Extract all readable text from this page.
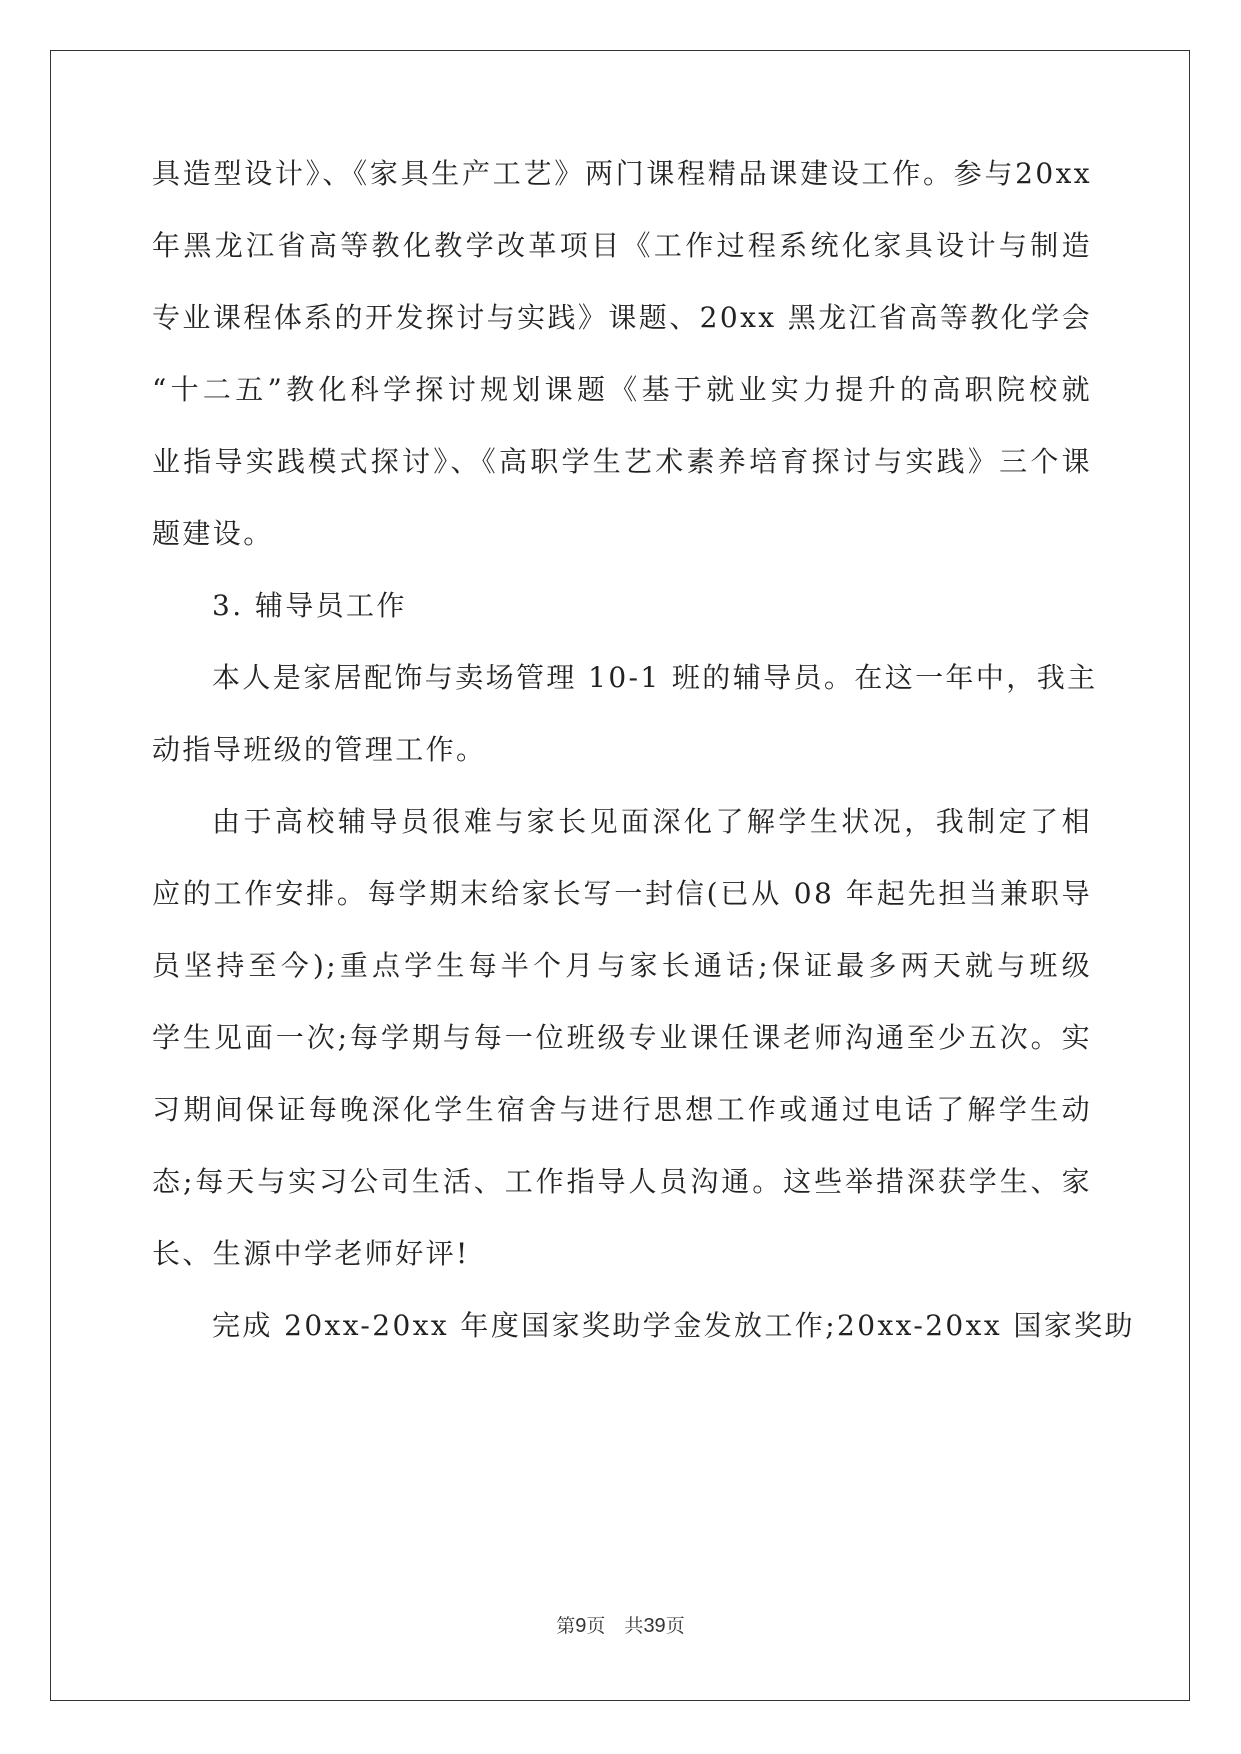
具造型设计》、《家具生产工艺》两门课程精品课建设工作。参与20xx
年黑龙江省高等教化教学改革项目《工作过程系统化家具设计与制造
专业课程体系的开发探讨与实践》课题、20xx 黑龙江省高等教化学会
“十二五”教化科学探讨规划课题《基于就业实力提升的高职院校就
业指导实践模式探讨》、《高职学生艺术素养培育探讨与实践》三个课
题建设。
3. 辅导员工作
本人是家居配饰与卖场管理 10-1 班的辅导员。在这一年中，我主
动指导班级的管理工作。
由于高校辅导员很难与家长见面深化了解学生状况，我制定了相
应的工作安排。每学期末给家长写一封信(已从 08 年起先担当兼职导
员坚持至今);重点学生每半个月与家长通话;保证最多两天就与班级
学生见面一次;每学期与每一位班级专业课任课老师沟通至少五次。实
习期间保证每晚深化学生宿舍与进行思想工作或通过电话了解学生动
态;每天与实习公司生活、工作指导人员沟通。这些举措深获学生、家
长、生源中学老师好评!
完成 20xx-20xx 年度国家奖助学金发放工作;20xx-20xx 国家奖助
第9页　共39页
